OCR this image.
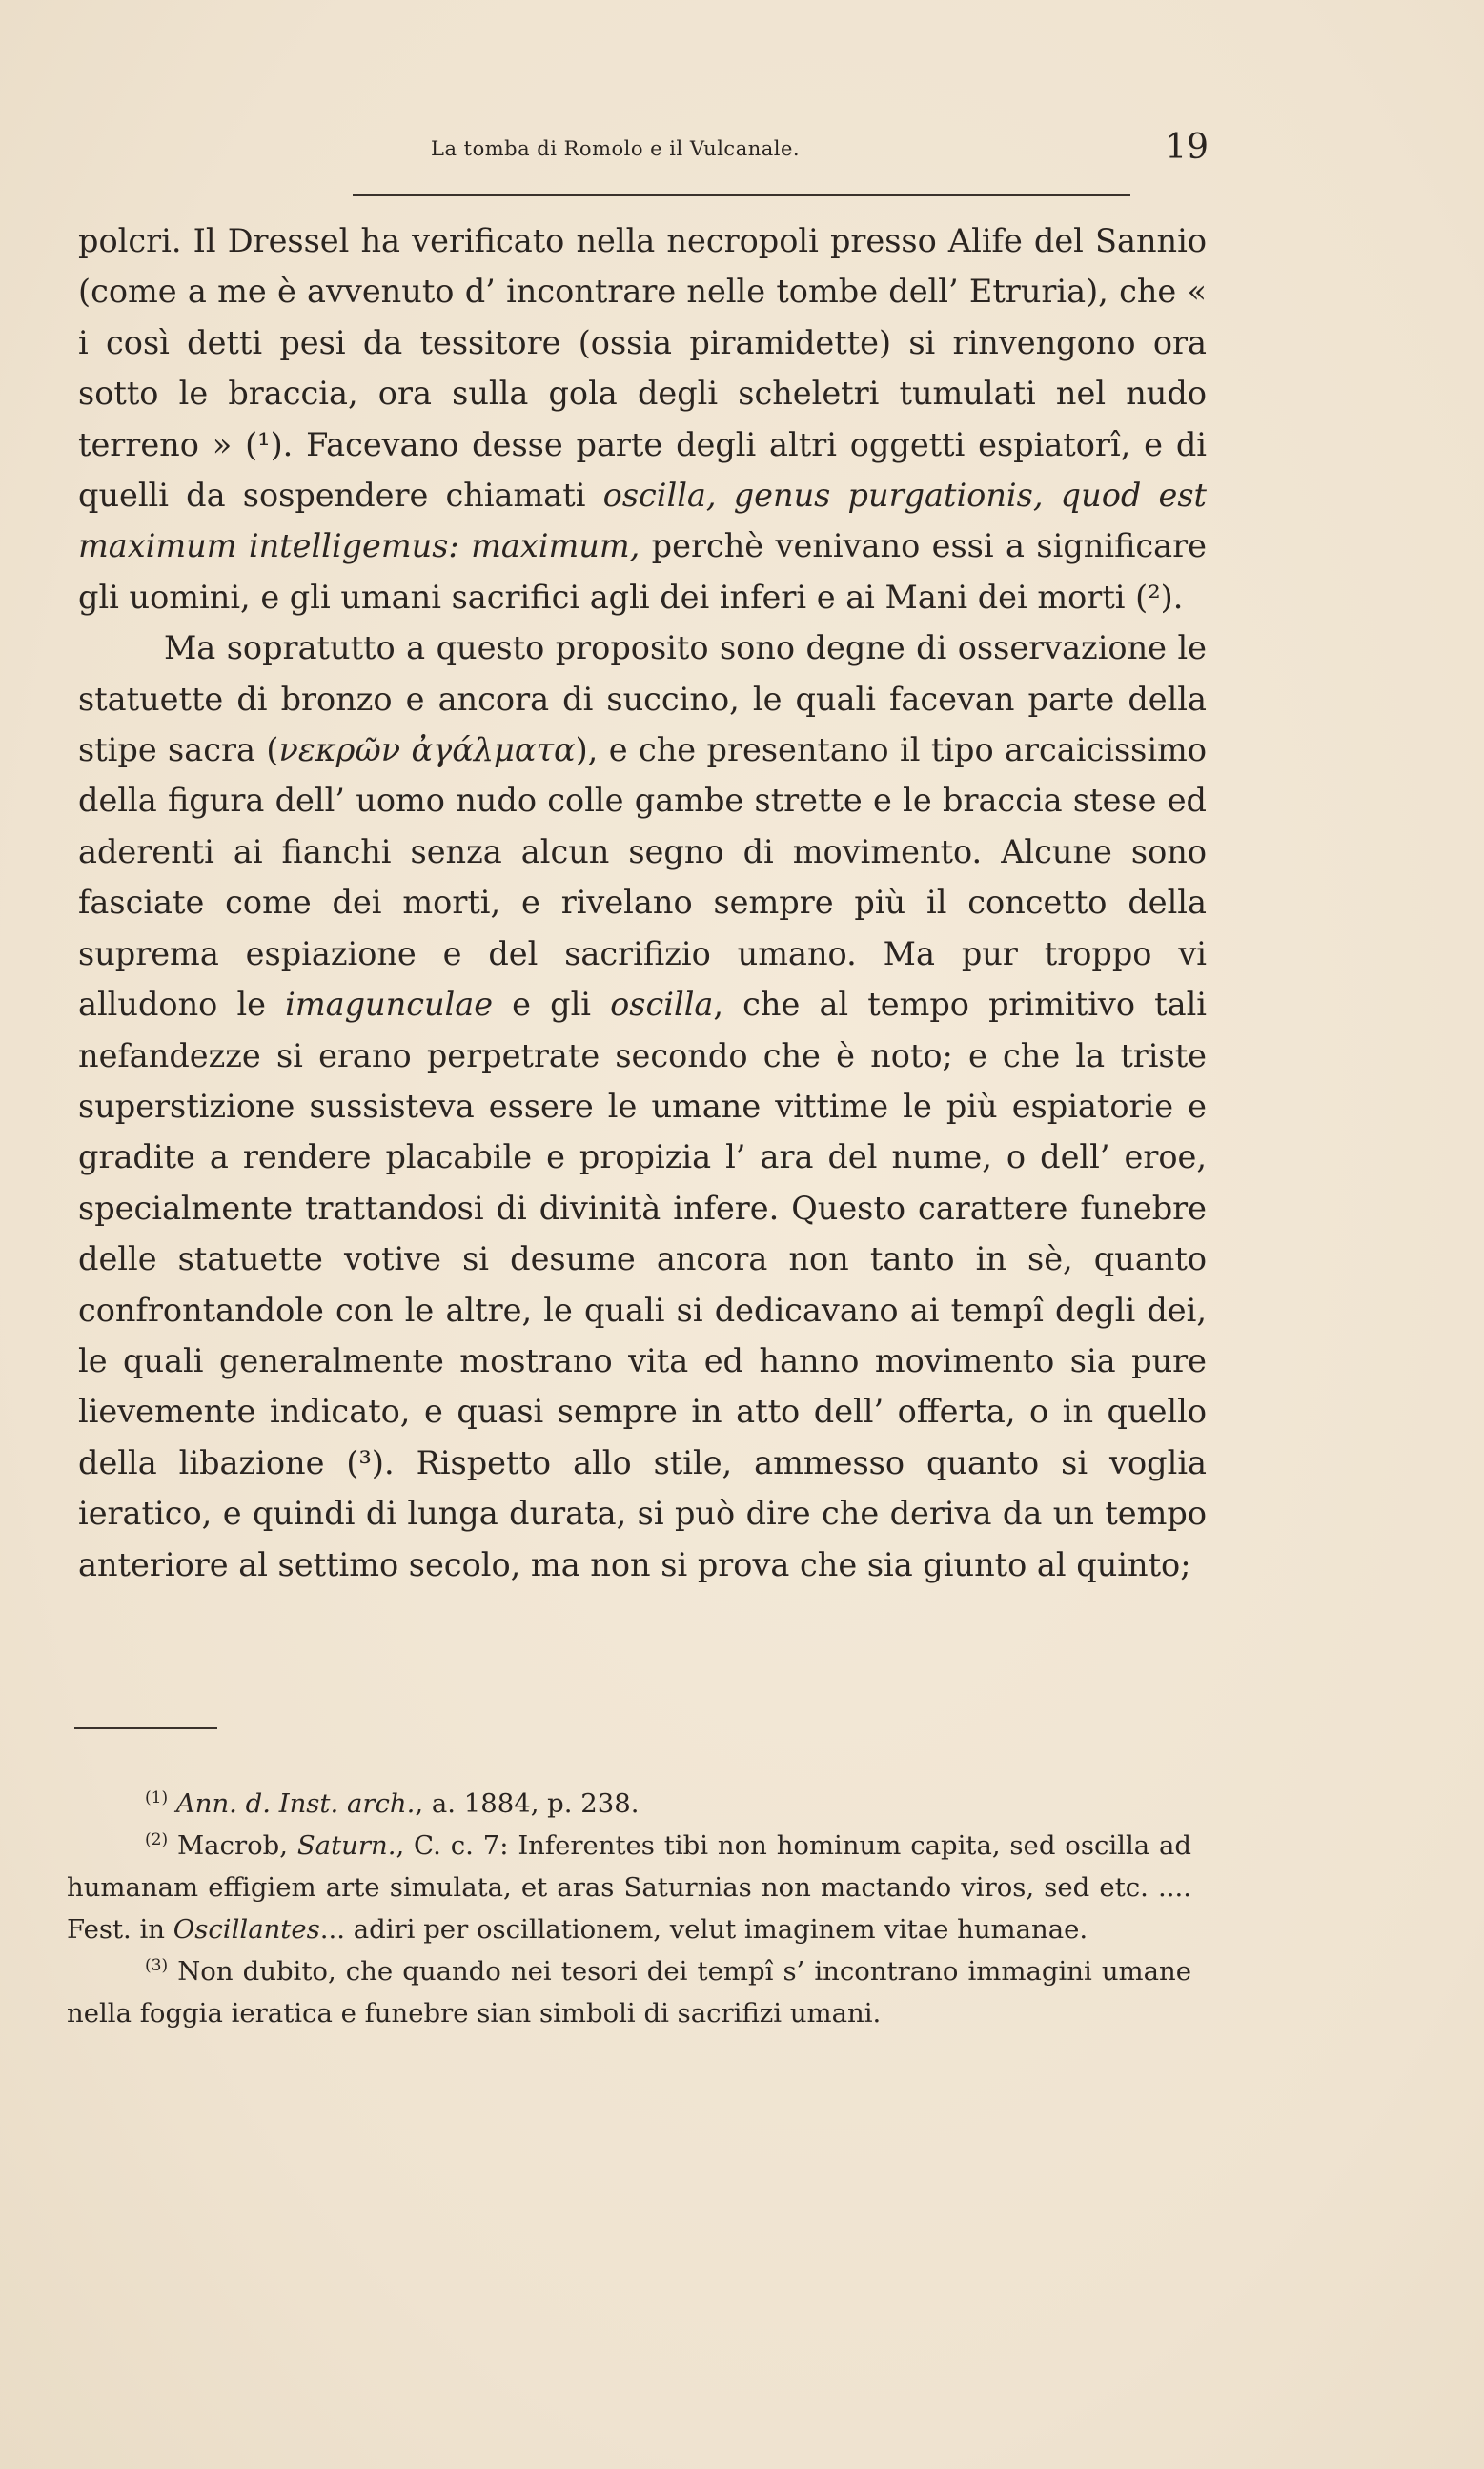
La tomba di Romolo e il Vulcanale.	19

polcri. Il Dressel ha verificato nella necropoli presso Alife del Sannio (come a me è avvenuto d’ incontrare nelle tombe dell’ Etruria), che « i così detti pesi da tessitore (ossia piramidette) si rinvengono ora sotto le braccia, ora sulla gola degli scheletri tumulati nel nudo terreno » (¹). Facevano desse parte degli altri oggetti espiatorî, e di quelli da sospendere chiamati oscilla, genus purgationis, quod est maximum intelligemus: maximum, perchè venivano essi a significare gli uomini, e gli umani sacrifici agli dei inferi e ai Mani dei morti (²).

Ma sopratutto a questo proposito sono degne di osservazione le statuette di bronzo e ancora di succino, le quali facevan parte della stipe sacra (νεκρῶν ἀγάλματα), e che presentano il tipo arcaicissimo della figura dell’ uomo nudo colle gambe strette e le braccia stese ed aderenti ai fianchi senza alcun segno di movimento. Alcune sono fasciate come dei morti, e rivelano sempre più il concetto della suprema espiazione e del sacrifizio umano. Ma pur troppo vi alludono le imagunculae e gli oscilla, che al tempo primitivo tali nefandezze si erano perpetrate secondo che è noto; e che la triste superstizione sussisteva essere le umane vittime le più espiatorie e gradite a rendere placabile e propizia l’ ara del nume, o dell’ eroe, specialmente trattandosi di divinità infere. Questo carattere funebre delle statuette votive si desume ancora non tanto in sè, quanto confrontandole con le altre, le quali si dedicavano ai tempî degli dei, le quali generalmente mostrano vita ed hanno movimento sia pure lievemente indicato, e quasi sempre in atto dell’ offerta, o in quello della libazione (³). Rispetto allo stile, ammesso quanto si voglia ieratico, e quindi di lunga durata, si può dire che deriva da un tempo anteriore al settimo secolo, ma non si prova che sia giunto al quinto;

$^{(1)}$ Ann. d. Inst. arch., a. 1884, p. 238.

$^{(2)}$ Macrob, Saturn., C. c. 7: Inferentes tibi non hominum capita, sed oscilla ad humanam effigiem arte simulata, et aras Saturnias non mactando viros, sed etc. .... Fest. in Oscillantes... adiri per oscillationem, velut imaginem vitae humanae.

$^{(3)}$ Non dubito, che quando nei tesori dei tempî s’ incontrano immagini umane nella foggia ieratica e funebre sian simboli di sacrifizi umani.
